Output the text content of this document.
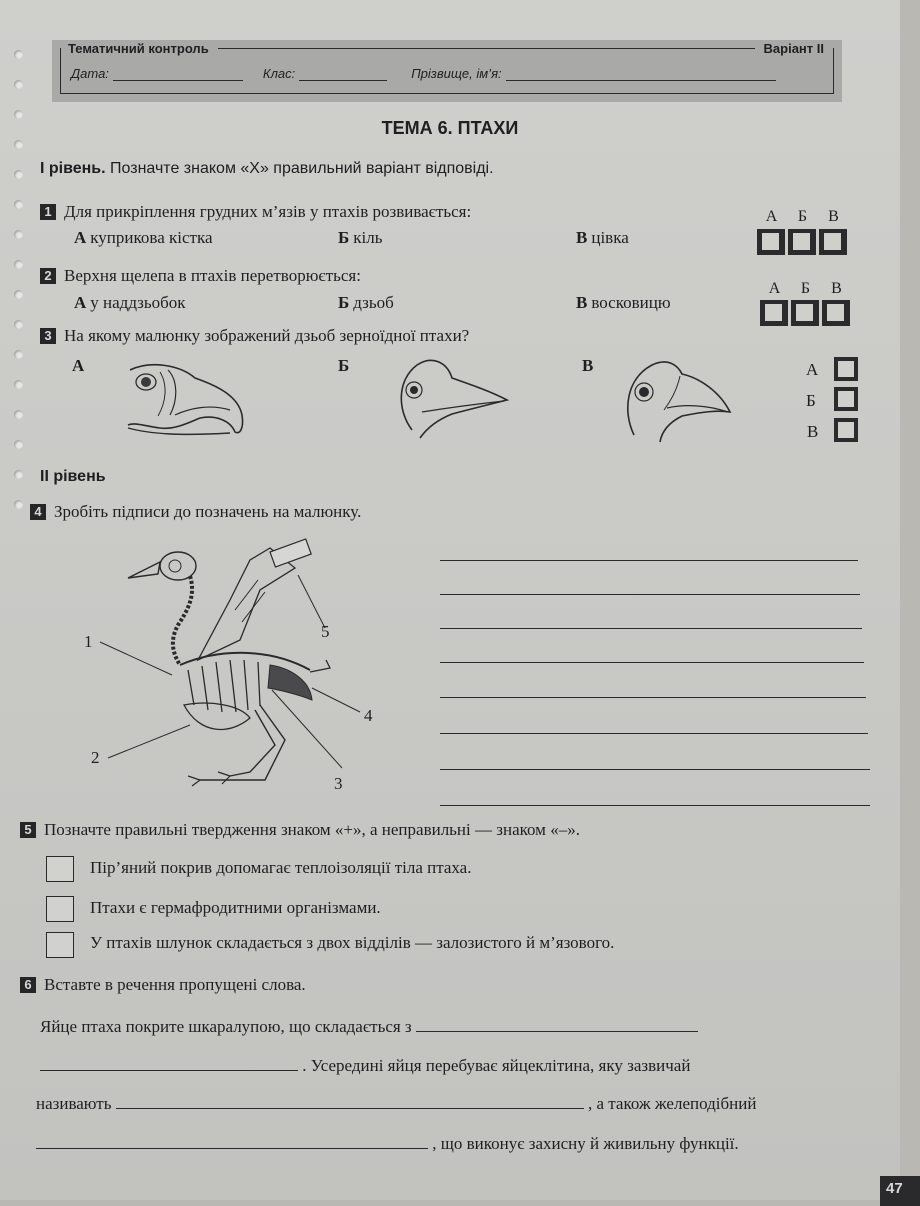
Тематичний контроль	Варіант II
Дата:	Клас:	Прізвище, ім’я:
ТЕМА 6. ПТАХИ
I рівень. Позначте знаком «Х» правильний варіант відповіді.
1 Для прикріплення грудних м’язів у птахів розвивається:
А куприкова кістка	Б кіль	В цівка
А	Б	В
2 Верхня щелепа в птахів перетворюється:
А у наддзьобок	Б дзьоб	В восковицю
А	Б	В
3 На якому малюнку зображений дзьоб зерноїдної птахи?
А	Б	В	А
Б
В
II рівень
4 Зробіть підписи до позначень на малюнку.
1
2
3
4
5
5 Позначте правильні твердження знаком «+», а неправильні — знаком «–».
Пір’яний покрив допомагає теплоізоляції тіла птаха.
Птахи є гермафродитними організмами.
У птахів шлунок складається з двох відділів — залозистого й м’язового.
6 Вставте в речення пропущені слова.
Яйце птаха покрите шкаралупою, що складається з
. Усередині яйця перебуває яйцеклітина, яку зазвичай
називають	, а також желеподібний
, що виконує захисну й живильну функції.
47
